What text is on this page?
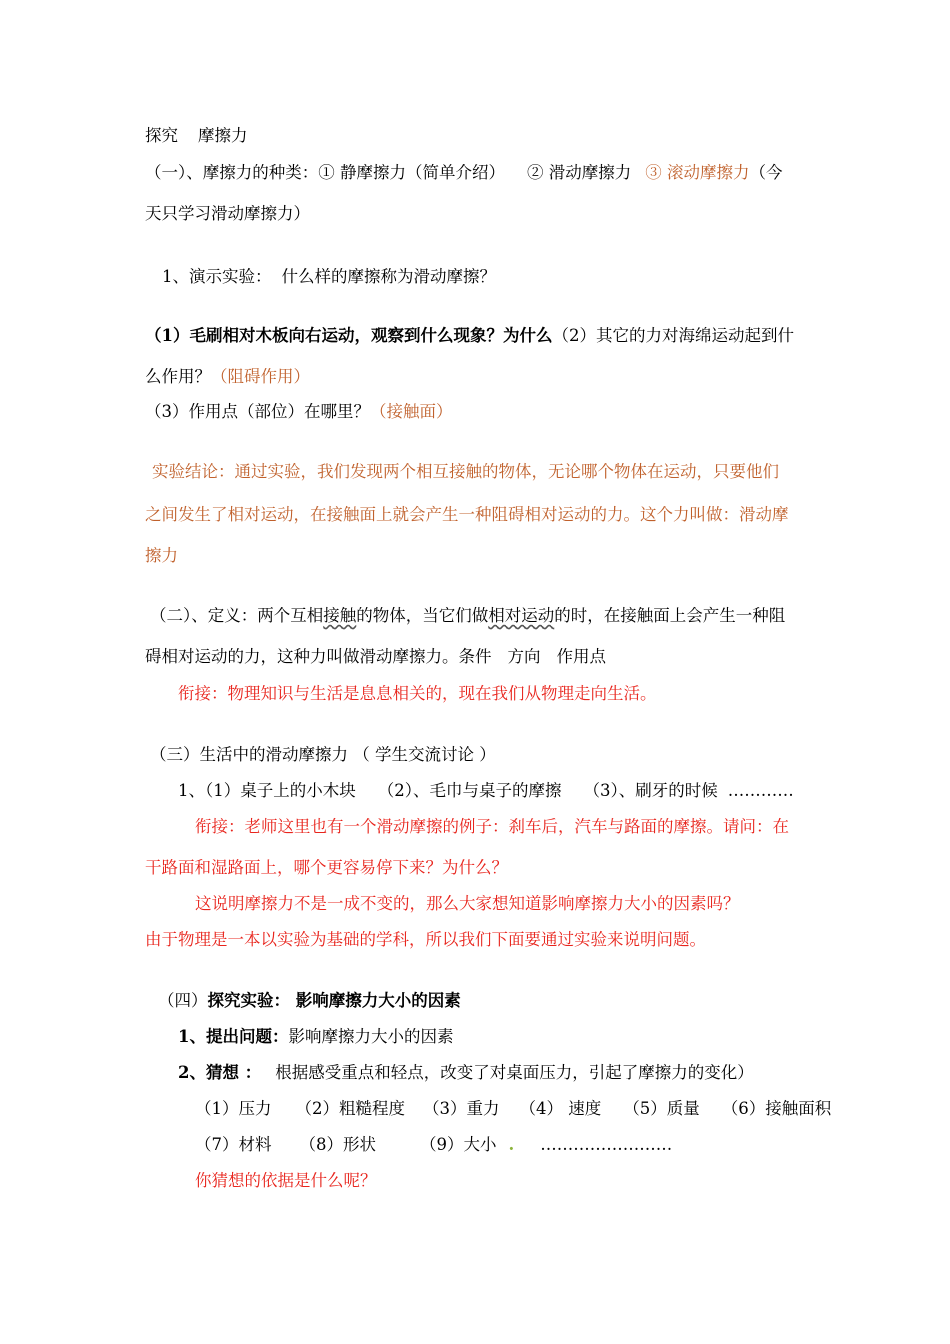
探究 摩擦力
（一）、摩擦力的种类：① 静摩擦力（简单介绍） ② 滑动摩擦力 ③ 滚动摩擦力（今
天只学习滑动摩擦力）
1、演示实验： 什么样的摩擦称为滑动摩擦？
（1）毛刷相对木板向右运动，观察到什么现象？为什么（2）其它的力对海绵运动起到什
么作用？（阻碍作用）
（3）作用点（部位）在哪里？（接触面）
实验结论：通过实验，我们发现两个相互接触的物体，无论哪个物体在运动，只要他们
之间发生了相对运动，在接触面上就会产生一种阻碍相对运动的力。这个力叫做：滑动摩
擦力
（二）、定义：两个互相接触的物体，当它们做相对运动的时，在接触面上会产生一种阻
碍相对运动的力，这种力叫做滑动摩擦力。条件 方向 作用点
衔接：物理知识与生活是息息相关的，现在我们从物理走向生活。
（三）生活中的滑动摩擦力 （ 学生交流讨论 ）
1、（1）桌子上的小木块 （2）、毛巾与桌子的摩擦 （3）、刷牙的时候 …………
衔接：老师这里也有一个滑动摩擦的例子：刹车后，汽车与路面的摩擦。请问：在
干路面和湿路面上，哪个更容易停下来？为什么？
这说明摩擦力不是一成不变的，那么大家想知道影响摩擦力大小的因素吗？
由于物理是一本以实验为基础的学科，所以我们下面要通过实验来说明问题。
（四）探究实验： 影响摩擦力大小的因素
1、提出问题：影响摩擦力大小的因素
2、猜想 ： 根据感受重点和轻点，改变了对桌面压力，引起了摩擦力的变化）
（1）压力 （2）粗糙程度 （3）重力 （4） 速度 （5）质量 （6）接触面积
（7）材料 （8）形状	（9）大小 . ……………………
你猜想的依据是什么呢？
